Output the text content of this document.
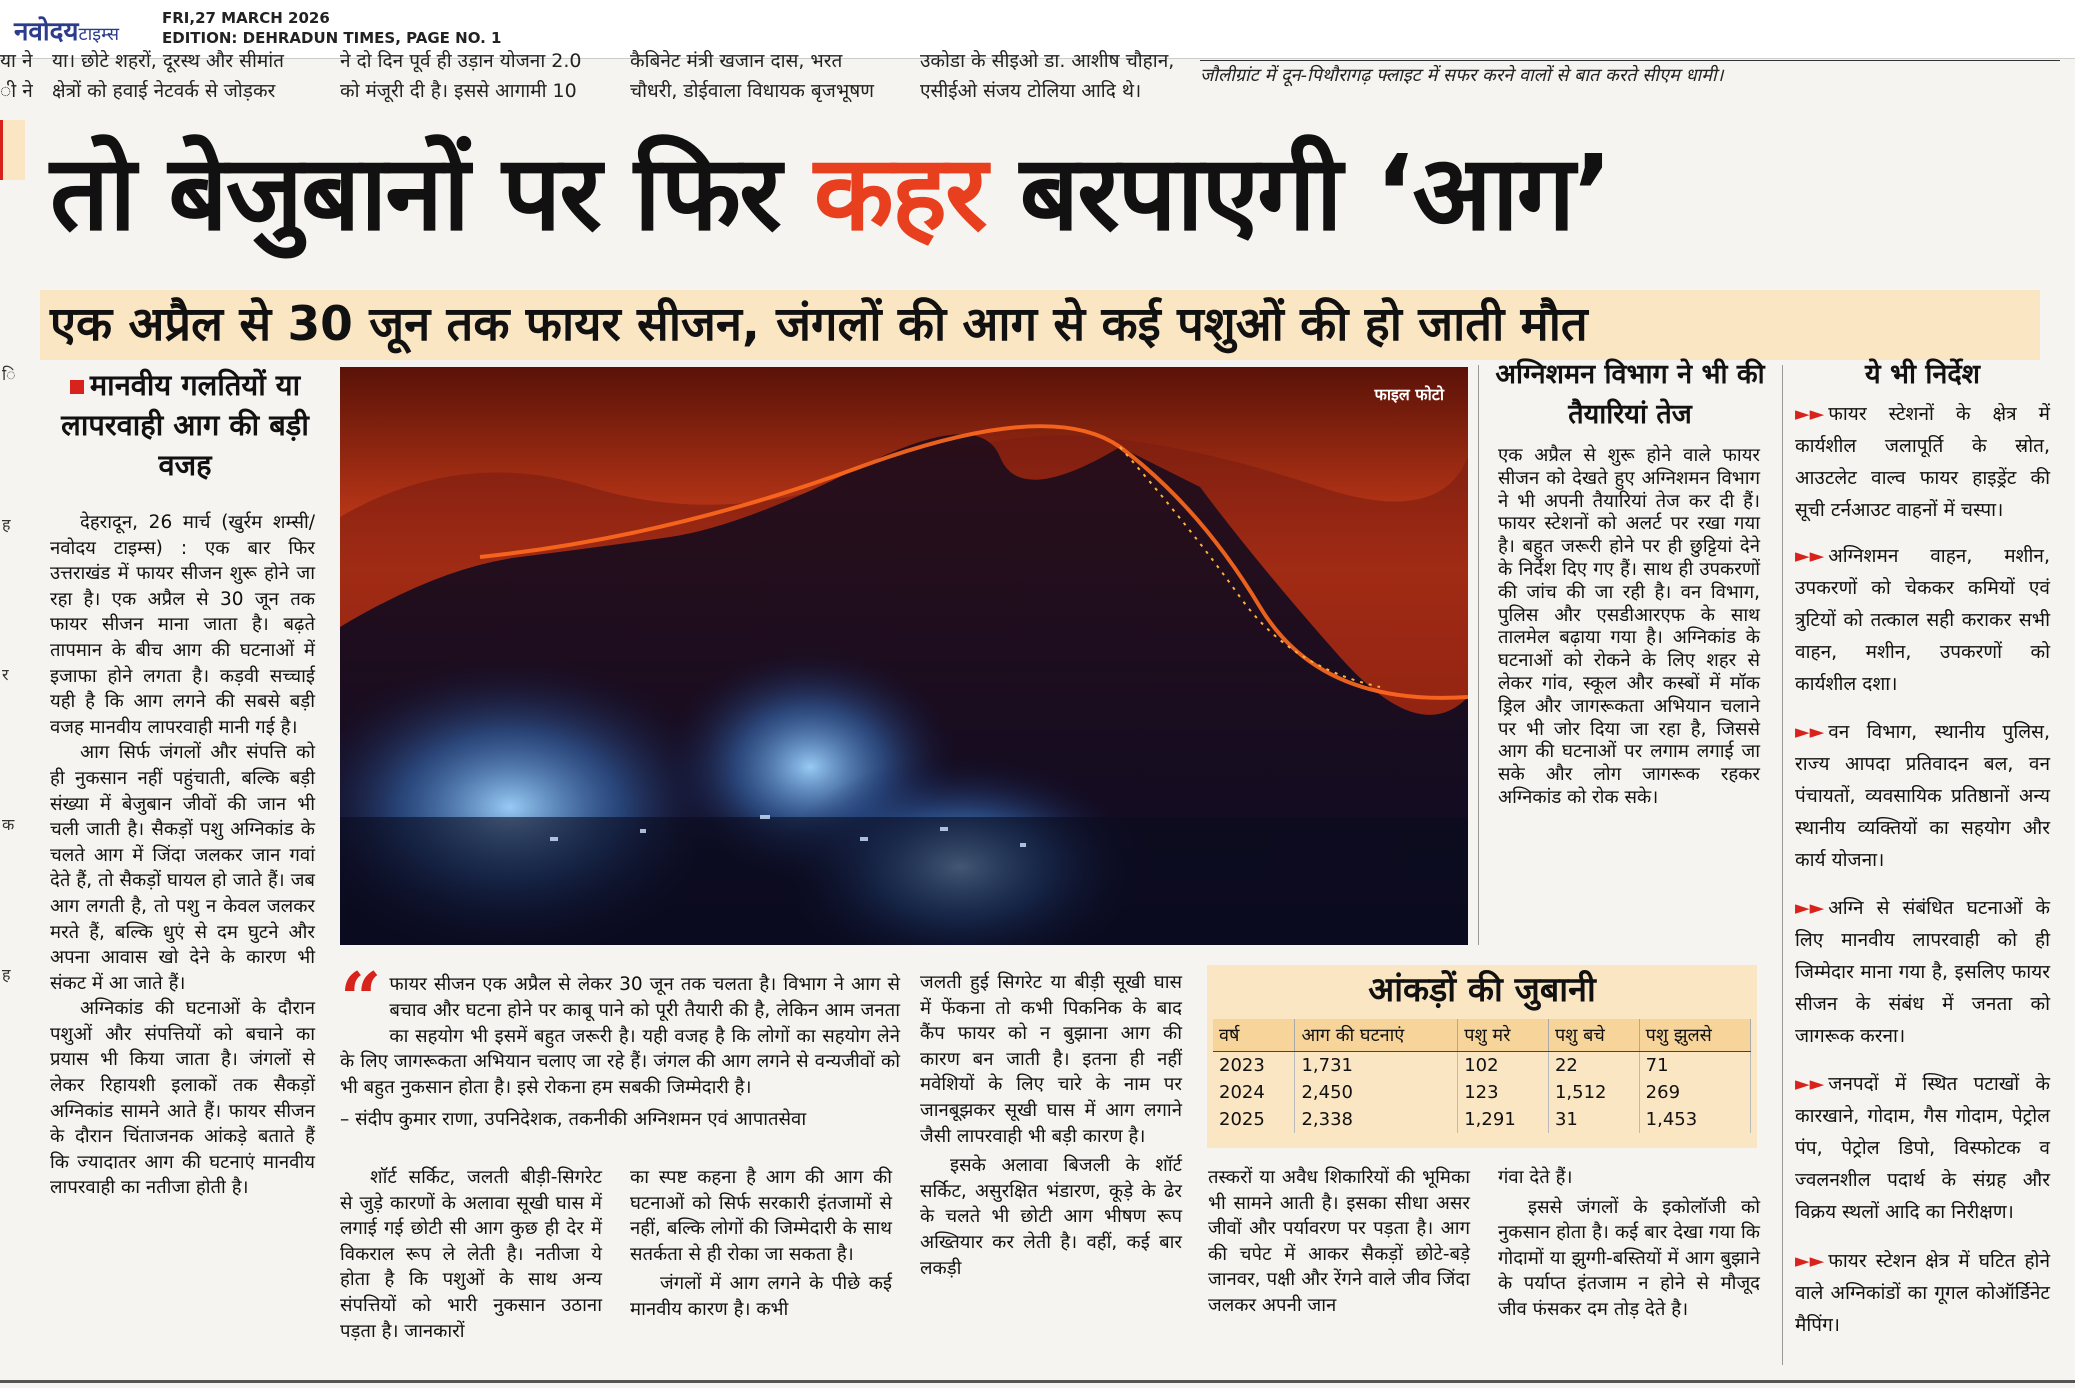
नवोदयटाइम्स
FRI,27 MARCH 2026
EDITION: DEHRADUN TIMES, PAGE NO. 1
या ने
ी ने
या। छोटे शहरों, दूरस्थ और सीमांत
क्षेत्रों को हवाई नेटवर्क से जोड़कर
ने दो दिन पूर्व ही उड़ान योजना 2.0
को मंजूरी दी है। इससे आगामी 10
कैबिनेट मंत्री खजान दास, भरत
चौधरी, डोईवाला विधायक बृजभूषण
उकोडा के सीइओ डा. आशीष चौहान,
एसीईओ संजय टोलिया आदि थे।
जौलीग्रांट में दून-पिथौरागढ़ फ्लाइट में सफर करने वालों से बात करते सीएम धामी।
तो बेजुबानों पर फिर कहर बरपाएगी ‘आग’
एक अप्रैल से 30 जून तक फायर सीजन, जंगलों की आग से कई पशुओं की हो जाती मौत
मानवीय गलतियों या लापरवाही आग की बड़ी वजह
देहरादून, 26 मार्च (खुर्रम शम्सी/नवोदय टाइम्स) : एक बार फिर उत्तराखंड में फायर सीजन शुरू होने जा रहा है। एक अप्रैल से 30 जून तक फायर सीजन माना जाता है। बढ़ते तापमान के बीच आग की घटनाओं में इजाफा होने लगता है। कड़वी सच्चाई यही है कि आग लगने की सबसे बड़ी वजह मानवीय लापरवाही मानी गई है।
आग सिर्फ जंगलों और संपत्ति को ही नुकसान नहीं पहुंचाती, बल्कि बड़ी संख्या में बेजुबान जीवों की जान भी चली जाती है। सैकड़ों पशु अग्निकांड के चलते आग में जिंदा जलकर जान गवां देते हैं, तो सैकड़ों घायल हो जाते हैं। जब आग लगती है, तो पशु न केवल जलकर मरते हैं, बल्कि धुएं से दम घुटने और अपना आवास खो देने के कारण भी संकट में आ जाते हैं।
अग्निकांड की घटनाओं के दौरान पशुओं और संपत्तियों को बचाने का प्रयास भी किया जाता है। जंगलों से लेकर रिहायशी इलाकों तक सैकड़ों अग्निकांड सामने आते हैं। फायर सीजन के दौरान चिंताजनक आंकड़े बताते हैं कि ज्यादातर आग की घटनाएं मानवीय लापरवाही का नतीजा होती है।
फाइल फोटो
अग्निशमन विभाग ने भी की तैयारियां तेज
एक अप्रैल से शुरू होने वाले फायर सीजन को देखते हुए अग्निशमन विभाग ने भी अपनी तैयारियां तेज कर दी हैं। फायर स्टेशनों को अलर्ट पर रखा गया है। बहुत जरूरी होने पर ही छुट्टियां देने के निर्देश दिए गए हैं। साथ ही उपकरणों की जांच की जा रही है। वन विभाग, पुलिस और एसडीआरएफ के साथ तालमेल बढ़ाया गया है। अग्निकांड के घटनाओं को रोकने के लिए शहर से लेकर गांव, स्कूल और कस्बों में मॉक ड्रिल और जागरूकता अभियान चलाने पर भी जोर दिया जा रहा है, जिससे आग की घटनाओं पर लगाम लगाई जा सके और लोग जागरूक रहकर अग्निकांड को रोक सके।
ये भी निर्देश
►► फायर स्टेशनों के क्षेत्र में कार्यशील जलापूर्ति के स्रोत, आउटलेट वाल्व फायर हाइड्रेंट की सूची टर्नआउट वाहनों में चस्पा।
►► अग्निशमन वाहन, मशीन, उपकरणों को चेककर कमियों एवं त्रुटियों को तत्काल सही कराकर सभी वाहन, मशीन, उपकरणों को कार्यशील दशा।
►► वन विभाग, स्थानीय पुलिस, राज्य आपदा प्रतिवादन बल, वन पंचायतों, व्यवसायिक प्रतिष्ठानों अन्य स्थानीय व्यक्तियों का सहयोग और कार्य योजना।
►► अग्नि से संबंधित घटनाओं के लिए मानवीय लापरवाही को ही जिम्मेदार माना गया है, इसलिए फायर सीजन के संबंध में जनता को जागरूक करना।
►► जनपदों में स्थित पटाखों के कारखाने, गोदाम, गैस गोदाम, पेट्रोल पंप, पेट्रोल डिपो, विस्फोटक व ज्वलनशील पदार्थ के संग्रह और विक्रय स्थलों आदि का निरीक्षण।
►► फायर स्टेशन क्षेत्र में घटित होने वाले अग्निकांडों का गूगल कोऑर्डिनेट मैपिंग।
“ फायर सीजन एक अप्रैल से लेकर 30 जून तक चलता है। विभाग ने आग से बचाव और घटना होने पर काबू पाने को पूरी तैयारी की है, लेकिन आम जनता का सहयोग भी इसमें बहुत जरूरी है। यही वजह है कि लोगों का सहयोग लेने के लिए जागरूकता अभियान चलाए जा रहे हैं। जंगल की आग लगने से वन्यजीवों को भी बहुत नुकसान होता है। इसे रोकना हम सबकी जिम्मेदारी है।
– संदीप कुमार राणा, उपनिदेशक, तकनीकी अग्निशमन एवं आपातसेवा
शॉर्ट सर्किट, जलती बीड़ी-सिगरेट से जुड़े कारणों के अलावा सूखी घास में लगाई गई छोटी सी आग कुछ ही देर में विकराल रूप ले लेती है। नतीजा ये होता है कि पशुओं के साथ अन्य संपत्तियों को भारी नुकसान उठाना पड़ता है। जानकारों
का स्पष्ट कहना है आग की आग की घटनाओं को सिर्फ सरकारी इंतजामों से नहीं, बल्कि लोगों की जिम्मेदारी के साथ सतर्कता से ही रोका जा सकता है।
जंगलों में आग लगने के पीछे कई मानवीय कारण है। कभी
जलती हुई सिगरेट या बीड़ी सूखी घास में फेंकना तो कभी पिकनिक के बाद कैंप फायर को न बुझाना आग की कारण बन जाती है। इतना ही नहीं मवेशियों के लिए चारे के नाम पर जानबूझकर सूखी घास में आग लगाने जैसी लापरवाही भी बड़ी कारण है।
इसके अलावा बिजली के शॉर्ट सर्किट, असुरक्षित भंडारण, कूड़े के ढेर के चलते भी छोटी आग भीषण रूप अख्तियार कर लेती है। वहीं, कई बार लकड़ी
तस्करों या अवैध शिकारियों की भूमिका भी सामने आती है। इसका सीधा असर जीवों और पर्यावरण पर पड़ता है। आग की चपेट में आकर सैकड़ों छोटे-बड़े जानवर, पक्षी और रेंगने वाले जीव जिंदा जलकर अपनी जान
गंवा देते हैं।
इससे जंगलों के इकोलॉजी को नुकसान होता है। कई बार देखा गया कि गोदामों या झुग्गी-बस्तियों में आग बुझाने के पर्याप्त इंतजाम न होने से मौजूद जीव फंसकर दम तोड़ देते है।
आंकड़ों की जुबानी
वर्ष	आग की घटनाएं	पशु मरे	पशु बचे	पशु झुलसे
2023	1,731	102	22	71
2024	2,450	123	1,512	269
2025	2,338	1,291	31	1,453
ि
ह
र
क
ह
